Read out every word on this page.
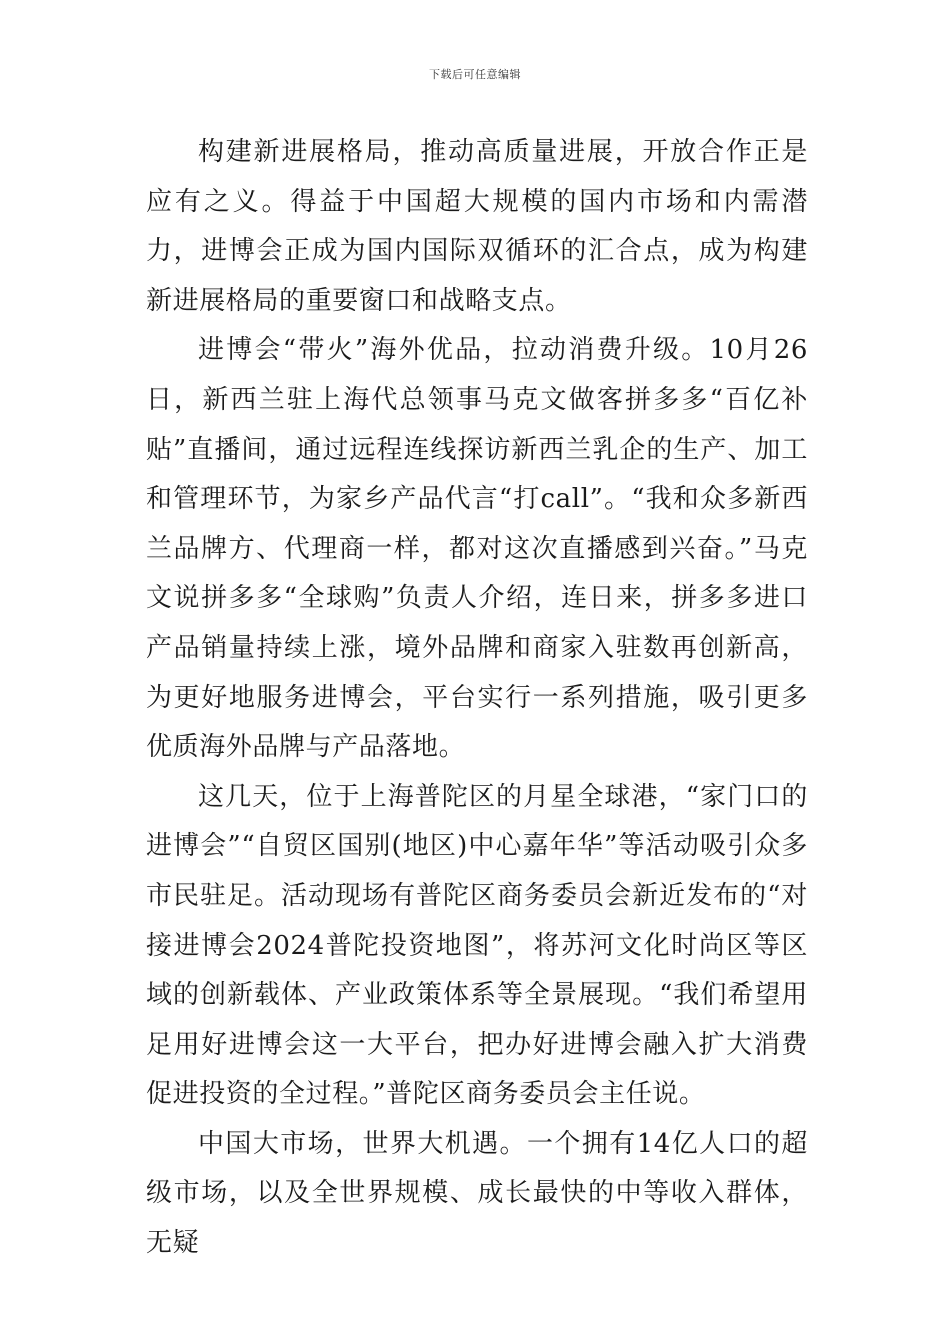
下载后可任意编辑

构建新进展格局，推动高质量进展，开放合作正是应有之义。得益于中国超大规模的国内市场和内需潜力，进博会正成为国内国际双循环的汇合点，成为构建新进展格局的重要窗口和战略支点。

进博会“带火”海外优品，拉动消费升级。10月26日，新西兰驻上海代总领事马克文做客拼多多“百亿补贴”直播间，通过远程连线探访新西兰乳企的生产、加工和管理环节，为家乡产品代言“打call”。“我和众多新西兰品牌方、代理商一样，都对这次直播感到兴奋。”马克文说拼多多“全球购”负责人介绍，连日来，拼多多进口产品销量持续上涨，境外品牌和商家入驻数再创新高，为更好地服务进博会，平台实行一系列措施，吸引更多优质海外品牌与产品落地。

这几天，位于上海普陀区的月星全球港，“家门口的进博会”“自贸区国别(地区)中心嘉年华”等活动吸引众多市民驻足。活动现场有普陀区商务委员会新近发布的“对接进博会2024普陀投资地图”，将苏河文化时尚区等区域的创新载体、产业政策体系等全景展现。“我们希望用足用好进博会这一大平台，把办好进博会融入扩大消费促进投资的全过程。”普陀区商务委员会主任说。

中国大市场，世界大机遇。一个拥有14亿人口的超级市场，以及全世界规模、成长最快的中等收入群体，无疑
